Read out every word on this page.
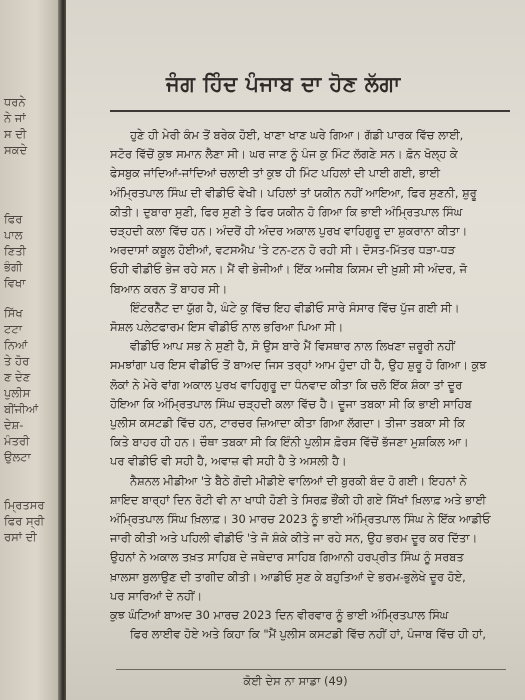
ਧਰਨੇ
ਨੇ ਜਾਂ
ਸ ਦੀ
ਸਕਦੇ
ਫਿਰ
ਪਾਲ
ਣਿਤੀ
ਭੰਗੀ
ਵਿਖਾ
ਸਿੱਖ
ਟਟਾ
ਨਿਆਂ
ਤੇ ਹੋਰ
ਣ ਦੇਣ
ਪੁਲੀਸ
ਬੀਂਜੀਆਂ
ਦੇਸ਼-
ਮੰਤਰੀ
ਉਲਟਾ
ਮ੍ਰਿਤਸਰ
ਫਿਰ ਸ੍ਰੀ
ਰਸਾਂ ਦੀ
ਜੰਗ ਹਿੰਦ ਪੰਜਾਬ ਦਾ ਹੋਣ ਲੱਗਾ
ਕੋਈ ਦੇਸ ਨਾ ਸਾਡਾ (49)
ਹੁਣੇ ਹੀ ਮੇਰੀ ਕੰਮ ਤੋਂ ਬਰੇਕ ਹੋਈ, ਖਾਣਾ ਖਾਣ ਘਰੇ ਗਿਆ। ਗੱਡੀ ਪਾਰਕ ਵਿੱਚ ਲਾਈ,
ਸਟੋਰ ਵਿੱਚੋਂ ਕੁਝ ਸਮਾਨ ਲੈਣਾ ਸੀ। ਘਰ ਜਾਣ ਨੂੰ ਪੰਜ ਕੁ ਮਿੰਟ ਲੱਗਣੇ ਸਨ। ਫ਼ੋਨ ਖੋਲ੍ਹ ਕੇ
ਫੇਸਬੁਕ ਜਾਂਦਿਆਂ-ਜਾਂਦਿਆਂ ਚਲਾਈ ਤਾਂ ਕੁਝ ਹੀ ਮਿੰਟ ਪਹਿਲਾਂ ਦੀ ਪਾਈ ਗਈ, ਭਾਈ
ਅੰਮ੍ਰਿਤਪਾਲ ਸਿੰਘ ਦੀ ਵੀਡੀਓ ਵੇਖੀ। ਪਹਿਲਾਂ ਤਾਂ ਯਕੀਨ ਨਹੀਂ ਆਇਆ, ਫਿਰ ਸੁਣਨੀ, ਸ਼ੁਰੂ
ਕੀਤੀ। ਦੁਬਾਰਾ ਸੁਣੀ, ਫਿਰ ਸੁਣੀ ਤੇ ਫਿਰ ਯਕੀਨ ਹੋ ਗਿਆ ਕਿ ਭਾਈ ਅੰਮ੍ਰਿਤਪਾਲ ਸਿੰਘ
ਚੜ੍ਹਦੀ ਕਲਾ ਵਿੱਚ ਹਨ। ਅੰਦਰੋਂ ਹੀ ਅੰਦਰ ਅਕਾਲ ਪੁਰਖ ਵਾਹਿਗੁਰੂ ਦਾ ਸ਼ੁਕਰਾਨਾ ਕੀਤਾ।
ਅਰਦਾਸਾਂ ਕਬੂਲ ਹੋਈਆਂ, ਵਟਸਐਪ 'ਤੇ ਟਨ-ਟਨ ਹੋ ਰਹੀ ਸੀ। ਦੋਸਤ-ਮਿੱਤਰ ਧੜਾ-ਧੜ
ਓਹੀ ਵੀਡੀਓ ਭੇਜ ਰਹੇ ਸਨ। ਮੈਂ ਵੀ ਭੇਜੀਆਂ। ਇੱਕ ਅਜੀਬ ਕਿਸਮ ਦੀ ਖ਼ੁਸ਼ੀ ਸੀ ਅੰਦਰ, ਜੋ
ਬਿਆਨ ਕਰਨ ਤੋਂ ਬਾਹਰ ਸੀ।
ਇੰਟਰਨੈੱਟ ਦਾ ਯੁੱਗ ਹੈ, ਘੰਟੇ ਕੁ ਵਿੱਚ ਇਹ ਵੀਡੀਓ ਸਾਰੇ ਸੰਸਾਰ ਵਿੱਚ ਪੁੱਜ ਗਈ ਸੀ।
ਸੋਸ਼ਲ ਪਲੇਟਫਾਰਮ ਇਸ ਵੀਡੀਓ ਨਾਲ ਭਰਿਆ ਪਿਆ ਸੀ।
ਵੀਡੀਓ ਆਪ ਸਭ ਨੇ ਸੁਣੀ ਹੈ, ਸੋ ਉਸ ਬਾਰੇ ਮੈਂ ਵਿਸਥਾਰ ਨਾਲ ਲਿਖਣਾ ਜ਼ਰੂਰੀ ਨਹੀਂ
ਸਮਝਾਂਗਾ ਪਰ ਇਸ ਵੀਡੀਓ ਤੋਂ ਬਾਅਦ ਜਿਸ ਤਰ੍ਹਾਂ ਆਮ ਹੁੰਦਾ ਹੀ ਹੈ, ਉਹ ਸ਼ੁਰੂ ਹੋ ਗਿਆ। ਕੁਝ
ਲੋਕਾਂ ਨੇ ਮੇਰੇ ਵਾਂਗ ਅਕਾਲ ਪੁਰਖ ਵਾਹਿਗੁਰੂ ਦਾ ਧੰਨਵਾਦ ਕੀਤਾ ਕਿ ਚਲੋ ਇੱਕ ਸ਼ੰਕਾ ਤਾਂ ਦੂਰ
ਹੋਇਆ ਕਿ ਅੰਮ੍ਰਿਤਪਾਲ ਸਿੰਘ ਚੜ੍ਹਦੀ ਕਲਾ ਵਿੱਚ ਹੈ। ਦੂਜਾ ਤਬਕਾ ਸੀ ਕਿ ਭਾਈ ਸਾਹਿਬ
ਪੁਲੀਸ ਕਸਟਡੀ ਵਿੱਚ ਹਨ, ਟਾਰਚਰ ਜ਼ਿਆਦਾ ਕੀਤਾ ਗਿਆ ਲੱਗਦਾ। ਤੀਜਾ ਤਬਕਾ ਸੀ ਕਿ
ਕਿਤੇ ਬਾਹਰ ਹੀ ਹਨ। ਚੌਥਾ ਤਬਕਾ ਸੀ ਕਿ ਇੰਨੀ ਪੁਲੀਸ ਫ਼ੋਰਸ ਵਿੱਚੋਂ ਭੱਜਣਾ ਮੁਸ਼ਕਿਲ ਆ।
ਪਰ ਵੀਡੀਓ ਵੀ ਸਹੀ ਹੈ, ਅਵਾਜ਼ ਵੀ ਸਹੀ ਹੈ ਤੇ ਅਸਲੀ ਹੈ।
ਨੈਸ਼ਨਲ ਮੀਡੀਆ 'ਤੇ ਬੈਠੇ ਗੋਦੀ ਮੀਡੀਏ ਵਾਲਿਆਂ ਦੀ ਬੁਰਕੀ ਬੰਦ ਹੋ ਗਈ। ਇਹਨਾਂ ਨੇ
ਸ਼ਾਇਦ ਬਾਰ੍ਹਾਂ ਦਿਨ ਰੋਟੀ ਵੀ ਨਾ ਖਾਧੀ ਹੋਣੀ ਤੇ ਸਿਰਫ਼ ਭੌਂਕੀ ਹੀ ਗਏ ਸਿੱਖਾਂ ਖ਼ਿਲਾਫ਼ ਅਤੇ ਭਾਈ
ਅੰਮ੍ਰਿਤਪਾਲ ਸਿੰਘ ਖ਼ਿਲਾਫ਼। 30 ਮਾਰਚ 2023 ਨੂੰ ਭਾਈ ਅੰਮ੍ਰਿਤਪਾਲ ਸਿੰਘ ਨੇ ਇੱਕ ਆਡੀਓ
ਜਾਰੀ ਕੀਤੀ ਅਤੇ ਪਹਿਲੀ ਵੀਡੀਓ 'ਤੇ ਜੋ ਸ਼ੰਕੇ ਕੀਤੇ ਜਾ ਰਹੇ ਸਨ, ਉਹ ਭਰਮ ਦੂਰ ਕਰ ਦਿੱਤਾ।
ਉਹਨਾਂ ਨੇ ਅਕਾਲ ਤਖ਼ਤ ਸਾਹਿਬ ਦੇ ਜਥੇਦਾਰ ਸਾਹਿਬ ਗਿਆਨੀ ਹਰਪ੍ਰੀਤ ਸਿੰਘ ਨੂੰ ਸਰਬਤ
ਖ਼ਾਲਸਾ ਬੁਲਾਉਣ ਦੀ ਤਾਗੀਦ ਕੀਤੀ। ਆਡੀਓ ਸੁਣ ਕੇ ਬਹੁਤਿਆਂ ਦੇ ਭਰਮ-ਭੁਲੇਖੇ ਦੂਰ ਹੋਏ,
ਪਰ ਸਾਰਿਆਂ ਦੇ ਨਹੀਂ।
ਕੁਝ ਘੰਟਿਆਂ ਬਾਅਦ 30 ਮਾਰਚ 2023 ਦਿਨ ਵੀਰਵਾਰ ਨੂੰ ਭਾਈ ਅੰਮ੍ਰਿਤਪਾਲ ਸਿੰਘ
ਫਿਰ ਲਾਈਵ ਹੋਏ ਅਤੇ ਕਿਹਾ ਕਿ "ਮੈਂ ਪੁਲੀਸ ਕਸਟਡੀ ਵਿੱਚ ਨਹੀਂ ਹਾਂ, ਪੰਜਾਬ ਵਿੱਚ ਹੀ ਹਾਂ,
